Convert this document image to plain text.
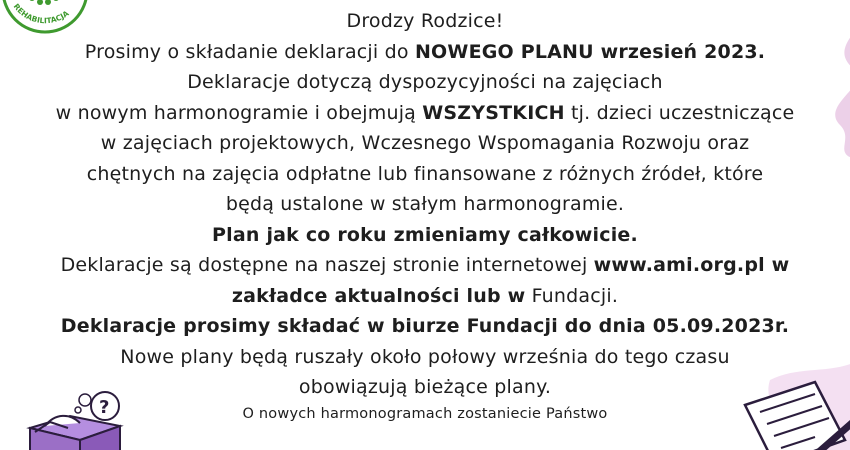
REHABILITACJA	Drodzy Rodzice!
Prosimy o składanie deklaracji do NOWEGO PLANU wrzesień 2023.
Deklaracje dotyczą dyspozycyjności na zajęciach
w nowym harmonogramie i obejmują WSZYSTKICH tj. dzieci uczestniczące
w zajęciach projektowych, Wczesnego Wspomagania Rozwoju oraz
chętnych na zajęcia odpłatne lub finansowane z różnych źródeł, które
będą ustalone w stałym harmonogramie.
Plan jak co roku zmieniamy całkowicie.
Deklaracje są dostępne na naszej stronie internetowej www.ami.org.pl w
zakładce aktualności lub w Fundacji.
Deklaracje prosimy składać w biurze Fundacji do dnia 05.09.2023r.
Nowe plany będą ruszały około połowy września do tego czasu
obowiązują bieżące plany.
O nowych harmonogramach zostaniecie Państwo
?
